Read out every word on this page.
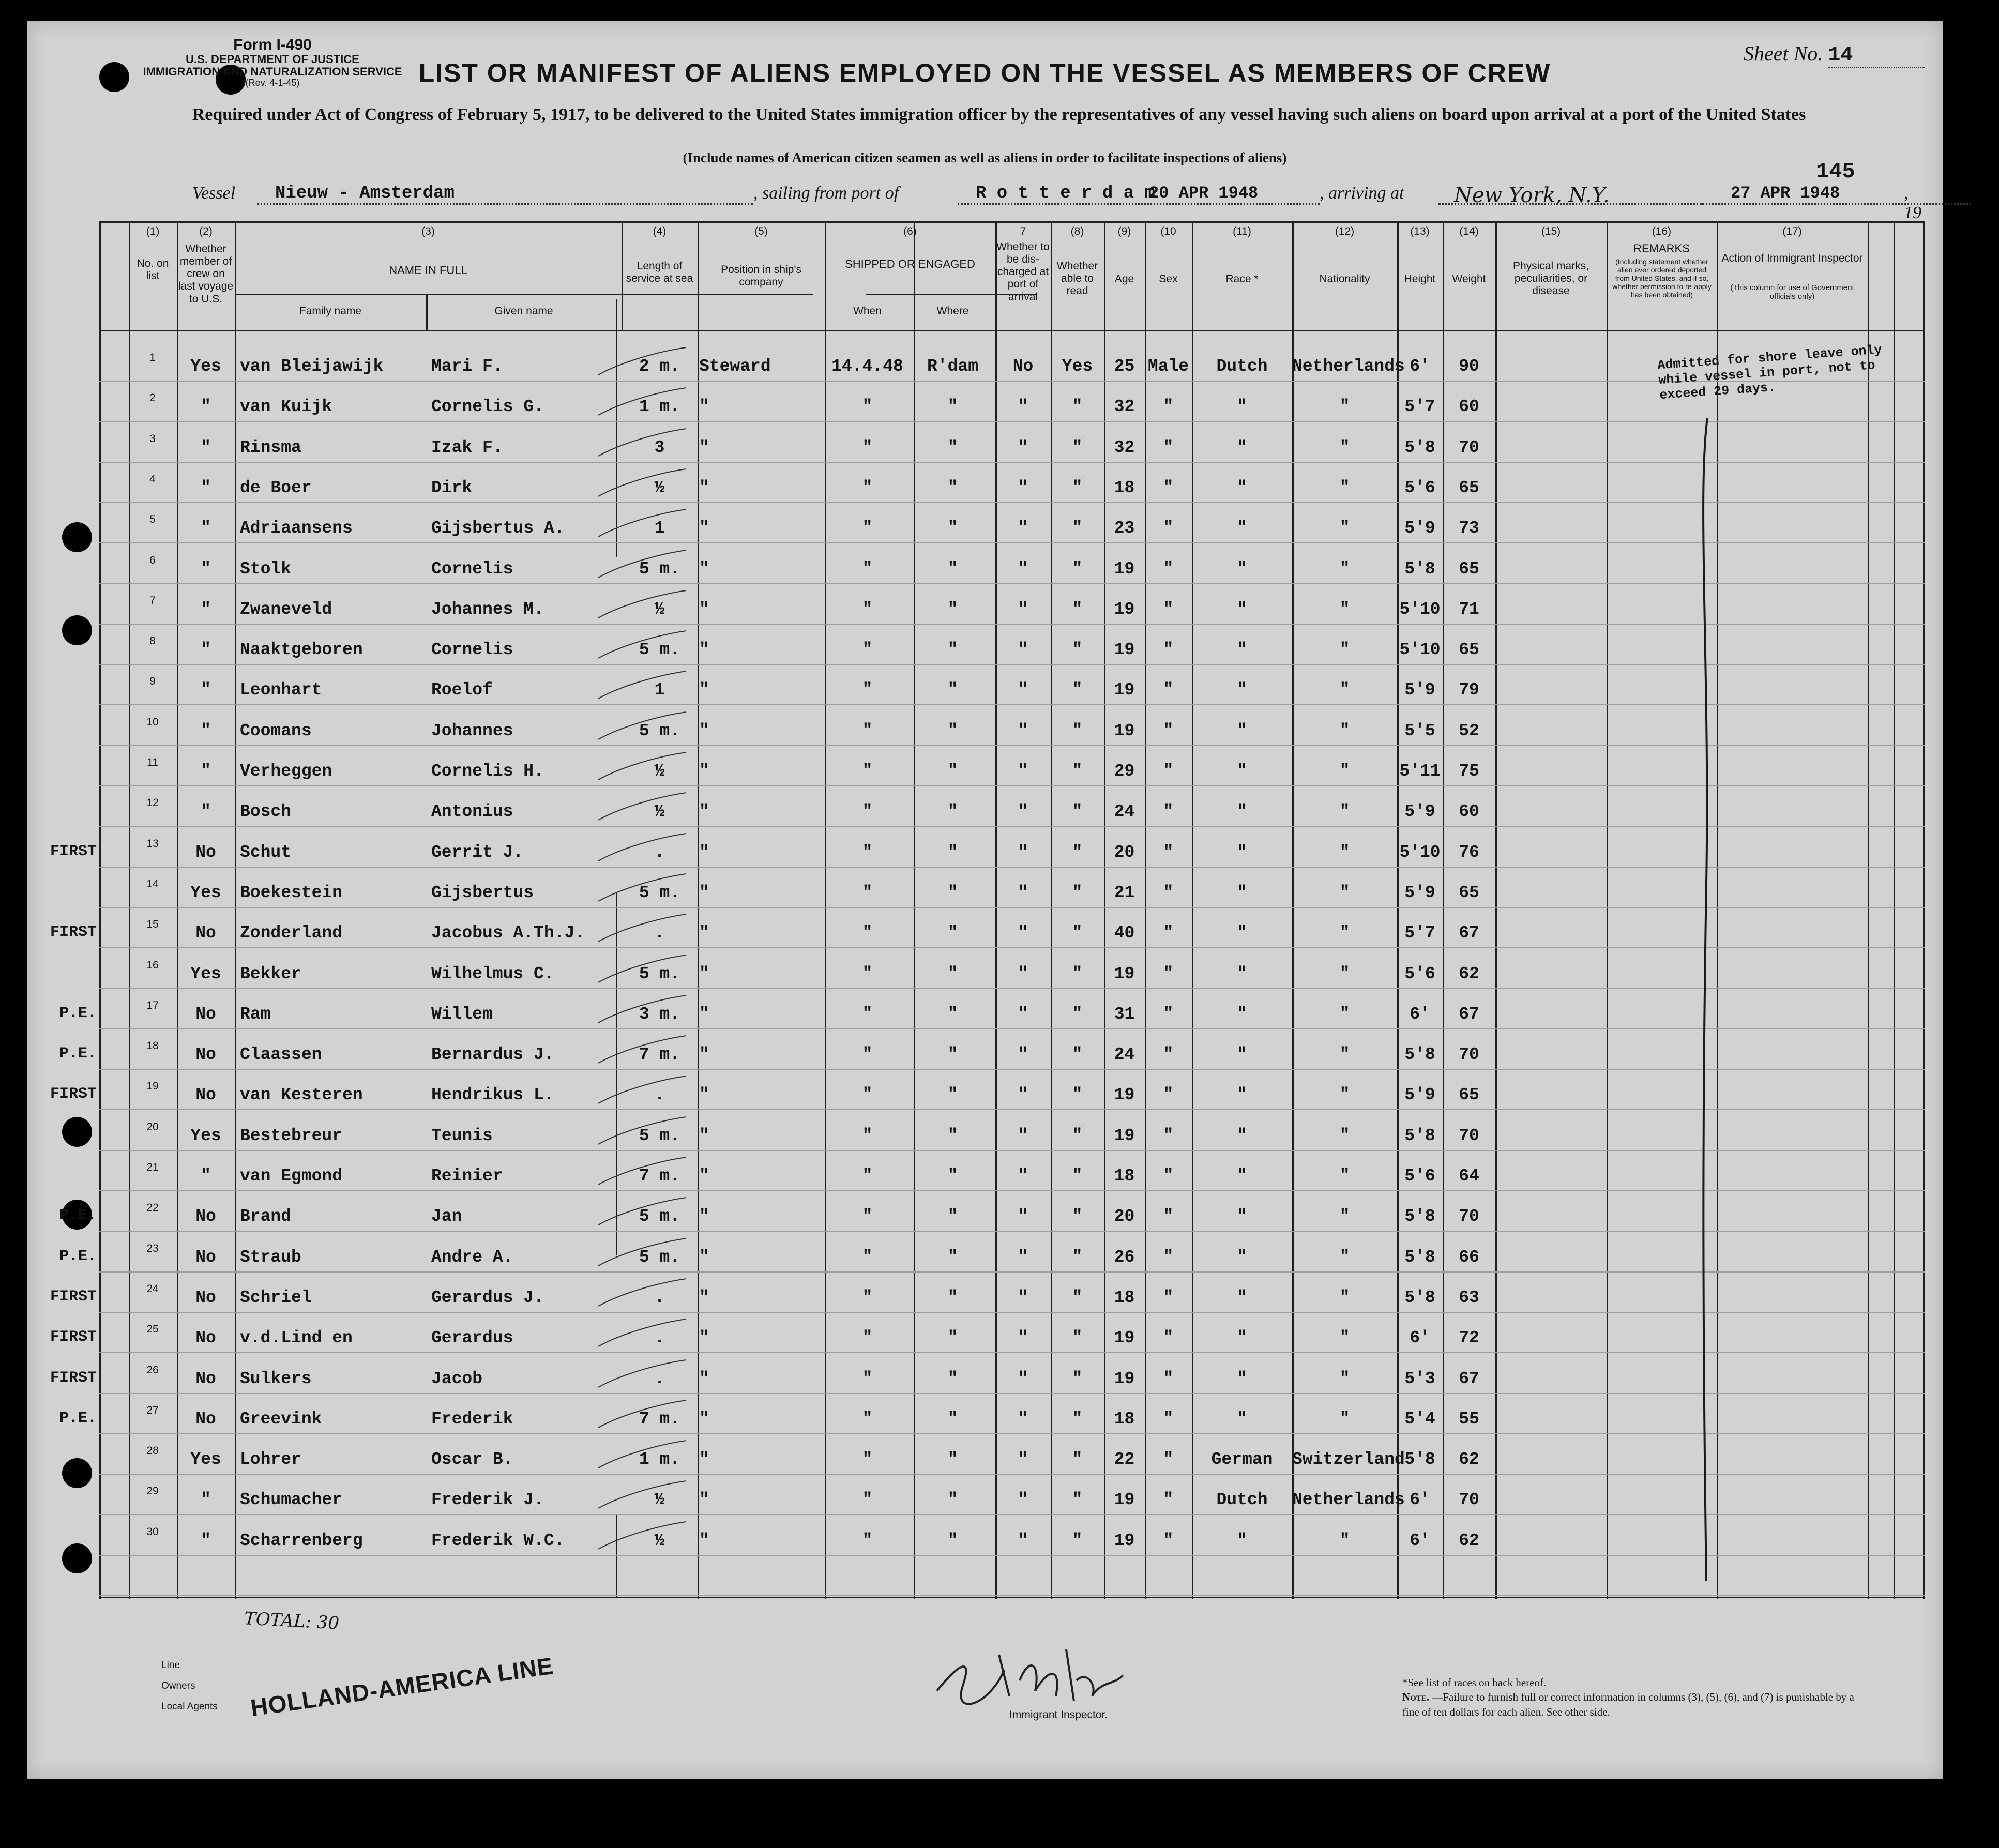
Form I-490
U.S. DEPARTMENT OF JUSTICE
IMMIGRATION AND NATURALIZATION SERVICE
(Rev. 4-1-45)
Sheet No. 14
LIST OR MANIFEST OF ALIENS EMPLOYED ON THE VESSEL AS MEMBERS OF CREW
Required under Act of Congress of February 5, 1917, to be delivered to the United States immigration officer by the representatives of any vessel having such aliens on board upon arrival at a port of the United States
(Include names of American citizen seamen as well as aliens in order to facilitate inspections of aliens)
145
Vessel Nieuw - Amsterdam	, sailing from port of	R o t t e r d a m
20 APR 1948	, arriving at New York, N.Y.	27 APR 1948	, 19
(1)	(2)	(3)	(4)	(5)	(6)	7	(8)	(9)	(10	(11)	(12)	(13)	(14)	(15)	(16)	(17)
No. on list
Whether member of crew on last voyage to U.S.
NAME IN FULL
Family name	Given name
Length of service at sea
Position in ship's company
SHIPPED OR ENGAGED
When	Where
Whether to be dis-charged at port of arrival
Whether able to read
Age	Sex	Race *	Nationality	Height	Weight
Physical marks, peculiarities, or disease
REMARKS
(Including statement whether alien ever ordered deported from United States, and if so, whether permission to re-apply has been obtained)
Action of Immigrant Inspector
(This column for use of Government officials only)
1	Yes	van Bleijawijk	Mari F.	2 m.	Steward	14.4.48	R'dam	No	Yes	25 Male	Dutch	Netherlands 6'	90
2	"	van Kuijk	Cornelis G.	1 m.	"	"	"	"	"	32	"	"	"	5'7	60
3	"	Rinsma	Izak F.	3	"	"	"	"	"	32	"	"	"	5'8	70
4	"	de Boer	Dirk	½	"	"	"	"	"	18	"	"	"	5'6	65
5	"	Adriaansens	Gijsbertus A.	1	"	"	"	"	"	23	"	"	"	5'9	73
6	"	Stolk	Cornelis	5 m.	"	"	"	"	"	19	"	"	"	5'8	65
7	"	Zwaneveld	Johannes M.	½	"	"	"	"	"	19	"	"	"	5'10	71
8	"	Naaktgeboren	Cornelis	5 m.	"	"	"	"	"	19	"	"	"	5'10	65
9	"	Leonhart	Roelof	1	"	"	"	"	"	19	"	"	"	5'9	79
10	"	Coomans	Johannes	5 m.	"	"	"	"	"	19	"	"	"	5'5	52
11	"	Verheggen	Cornelis H.	½	"	"	"	"	"	29	"	"	"	5'11	75
12	"	Bosch	Antonius	½	"	"	"	"	"	24	"	"	"	5'9	60
FIRST	13	No	Schut	Gerrit J.	.	"	"	"	"	"	20	"	"	"	5'10	76
14	Yes	Boekestein	Gijsbertus	5 m.	"	"	"	"	"	21	"	"	"	5'9	65
FIRST	15	No	Zonderland	Jacobus A.Th.J.	.	"	"	"	"	"	40	"	"	"	5'7	67
16	Yes	Bekker	Wilhelmus C.	5 m.	"	"	"	"	"	19	"	"	"	5'6	62
P.E.	17	No	Ram	Willem	3 m.	"	"	"	"	"	31	"	"	"	6'	67
P.E.	18	No	Claassen	Bernardus J.	7 m.	"	"	"	"	"	24	"	"	"	5'8	70
FIRST	19	No	van Kesteren	Hendrikus L.	.	"	"	"	"	"	19	"	"	"	5'9	65
20	Yes	Bestebreur	Teunis	5 m.	"	"	"	"	"	19	"	"	"	5'8	70
21	"	van Egmond	Reinier	7 m.	"	"	"	"	"	18	"	"	"	5'6	64
P.E.	22	No	Brand	Jan	5 m.	"	"	"	"	"	20	"	"	"	5'8	70
P.E.	23	No	Straub	Andre A.	5 m.	"	"	"	"	"	26	"	"	"	5'8	66
FIRST	24	No	Schriel	Gerardus J.	.	"	"	"	"	"	18	"	"	"	5'8	63
FIRST	25	No	v.d.Lind en	Gerardus	.	"	"	"	"	"	19	"	"	"	6'	72
FIRST	26	No	Sulkers	Jacob	.	"	"	"	"	"	19	"	"	"	5'3	67
P.E.	27	No	Greevink	Frederik	7 m.	"	"	"	"	"	18	"	"	"	5'4	55
28	Yes	Lohrer	Oscar B.	1 m.	"	"	"	"	"	22	"	German	Switzerland 5'8	62
29	"	Schumacher	Frederik J.	½	"	"	"	"	"	19	"	Dutch	Netherlands 6'	70
30	"	Scharrenberg	Frederik W.C.	½	"	"	"	"	"	19	"	"	"	6'	62
Admitted for shore leave only while vessel in port, not to exceed 29 days.
TOTAL: 30
Line
Owners
Local Agents HOLLAND-AMERICA LINE	Immigrant Inspector.
*See list of races on back hereof.
Note. —Failure to furnish full or correct information in columns (3), (5), (6), and (7) is punishable by a fine of ten dollars for each alien. See other side.
